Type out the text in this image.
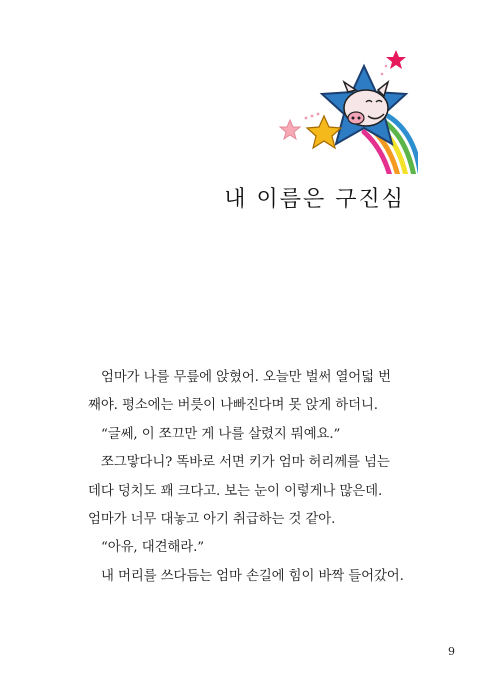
내 이름은 구진심

엄마가 나를 무릎에 앉혔어. 오늘만 벌써 열어덟 번

째야. 평소에는 버릇이 나빠진다며 못 앉게 하더니.

“글쎄, 이 쪼끄만 게 나를 살렸지 뭐예요.”

쪼그맣다니? 똑바로 서면 키가 엄마 허리께를 넘는

데다 덩치도 꽤 크다고. 보는 눈이 이렇게나 많은데.

엄마가 너무 대놓고 아기 취급하는 것 같아.

“아유, 대견해라.”

내 머리를 쓰다듬는 엄마 손길에 힘이 바짝 들어갔어.

9
